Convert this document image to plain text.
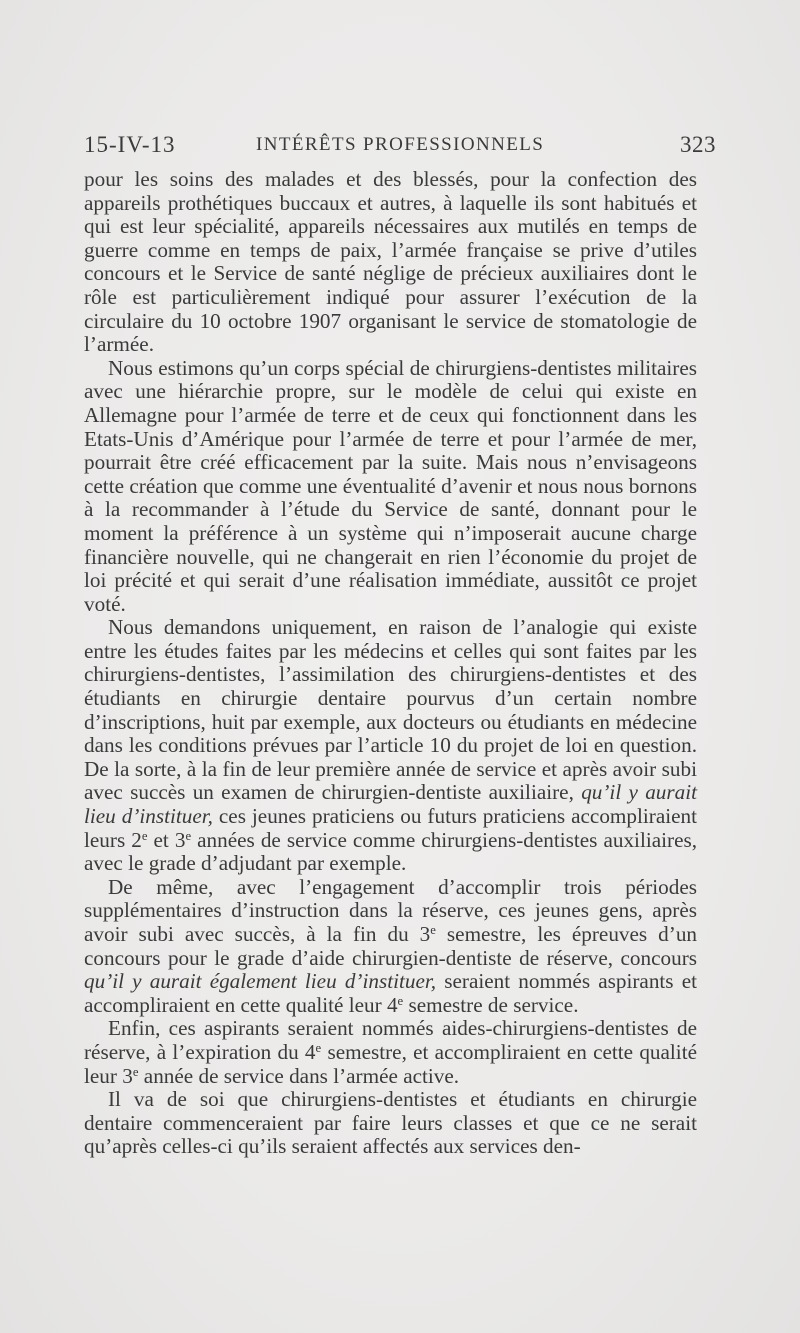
15-IV-13	INTÉRÊTS PROFESSIONNELS	323

pour les soins des malades et des blessés, pour la confection des appareils prothétiques buccaux et autres, à laquelle ils sont habitués et qui est leur spécialité, appareils nécessaires aux mutilés en temps de guerre comme en temps de paix, l’armée française se prive d’utiles concours et le Service de santé néglige de précieux auxiliaires dont le rôle est particulièrement indiqué pour assurer l’exécution de la circulaire du 10 octobre 1907 organisant le service de stomatologie de l’armée.

Nous estimons qu’un corps spécial de chirurgiens-dentistes militaires avec une hiérarchie propre, sur le modèle de celui qui existe en Allemagne pour l’armée de terre et de ceux qui fonctionnent dans les Etats-Unis d’Amérique pour l’armée de terre et pour l’armée de mer, pourrait être créé efficacement par la suite. Mais nous n’envisageons cette création que comme une éventualité d’avenir et nous nous bornons à la recommander à l’étude du Service de santé, donnant pour le moment la préférence à un système qui n’imposerait aucune charge financière nouvelle, qui ne changerait en rien l’économie du projet de loi précité et qui serait d’une réalisation immédiate, aussitôt ce projet voté.

Nous demandons uniquement, en raison de l’analogie qui existe entre les études faites par les médecins et celles qui sont faites par les chirurgiens-dentistes, l’assimilation des chirurgiens-dentistes et des étudiants en chirurgie dentaire pourvus d’un certain nombre d’inscriptions, huit par exemple, aux docteurs ou étudiants en médecine dans les conditions prévues par l’article 10 du projet de loi en question. De la sorte, à la fin de leur première année de service et après avoir subi avec succès un examen de chirurgien-dentiste auxiliaire, qu’il y aurait lieu d’instituer, ces jeunes praticiens ou futurs praticiens accompliraient leurs 2e et 3e années de service comme chirurgiens-dentistes auxiliaires, avec le grade d’adjudant par exemple.

De même, avec l’engagement d’accomplir trois périodes supplémentaires d’instruction dans la réserve, ces jeunes gens, après avoir subi avec succès, à la fin du 3e semestre, les épreuves d’un concours pour le grade d’aide chirurgien-dentiste de réserve, concours qu’il y aurait également lieu d’instituer, seraient nommés aspirants et accompliraient en cette qualité leur 4e semestre de service.

Enfin, ces aspirants seraient nommés aides-chirurgiens-dentistes de réserve, à l’expiration du 4e semestre, et accompliraient en cette qualité leur 3e année de service dans l’armée active.

Il va de soi que chirurgiens-dentistes et étudiants en chirurgie dentaire commenceraient par faire leurs classes et que ce ne serait qu’après celles-ci qu’ils seraient affectés aux services den-
